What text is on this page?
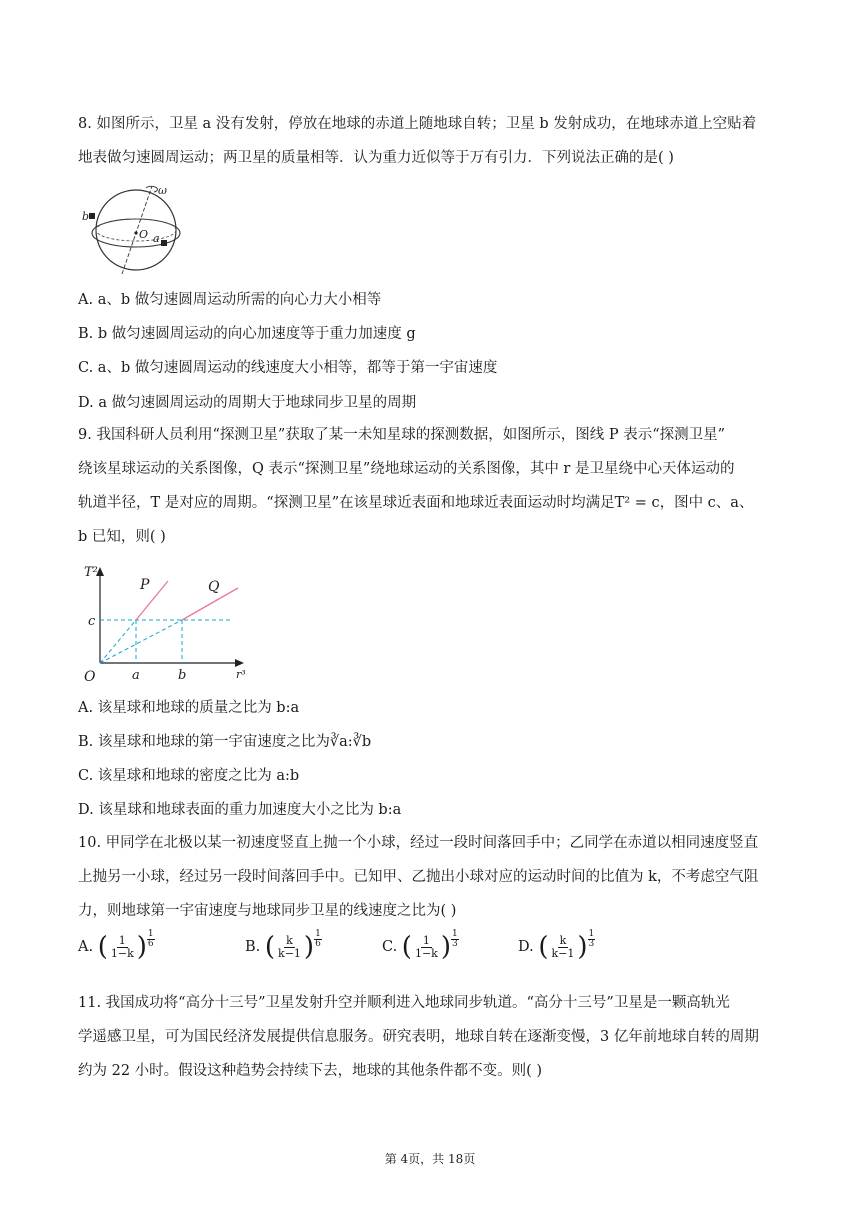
8. 如图所示，卫星 a 没有发射，停放在地球的赤道上随地球自转；卫星 b 发射成功，在地球赤道上空贴着

地表做匀速圆周运动；两卫星的质量相等．认为重力近似等于万有引力．下列说法正确的是( )

ω
b
O a

A. a、b 做匀速圆周运动所需的向心力大小相等

B. b 做匀速圆周运动的向心加速度等于重力加速度 g

C. a、b 做匀速圆周运动的线速度大小相等，都等于第一宇宙速度

D. a 做匀速圆周运动的周期大于地球同步卫星的周期

9. 我国科研人员利用“探测卫星”获取了某一未知星球的探测数据，如图所示，图线 P 表示“探测卫星”

绕该星球运动的关系图像，Q 表示“探测卫星”绕地球运动的关系图像，其中 r 是卫星绕中心天体运动的

轨道半径，T 是对应的周期。“探测卫星”在该星球近表面和地球近表面运动时均满足T² = c，图中 c、a、

b 已知，则( )

T²
r³
O
P	Q
c
a	b

A. 该星球和地球的质量之比为 b:a

B. 该星球和地球的第一宇宙速度之比为∛a:∛b

C. 该星球和地球的密度之比为 a:b

D. 该星球和地球表面的重力加速度大小之比为 b:a

10. 甲同学在北极以某一初速度竖直上抛一个小球，经过一段时间落回手中；乙同学在赤道以相同速度竖直

上抛另一小球，经过另一段时间落回手中。已知甲、乙抛出小球对应的运动时间的比值为 k，不考虑空气阻

力，则地球第一宇宙速度与地球同步卫星的线速度之比为( )

A.
( $\frac{1}{1-k}$ ) $\frac{1}{6}$	B.
( $\frac{k}{k-1}$ ) $\frac{1}{6}$	C.
( $\frac{1}{1-k}$ ) $\frac{1}{3}$	D.
( $\frac{k}{k-1}$ ) $\frac{1}{3}$

11. 我国成功将“高分十三号”卫星发射升空并顺利进入地球同步轨道。“高分十三号”卫星是一颗高轨光

学遥感卫星，可为国民经济发展提供信息服务。研究表明，地球自转在逐渐变慢，3 亿年前地球自转的周期

约为 22 小时。假设这种趋势会持续下去，地球的其他条件都不变。则( )

第 4页，共 18页
